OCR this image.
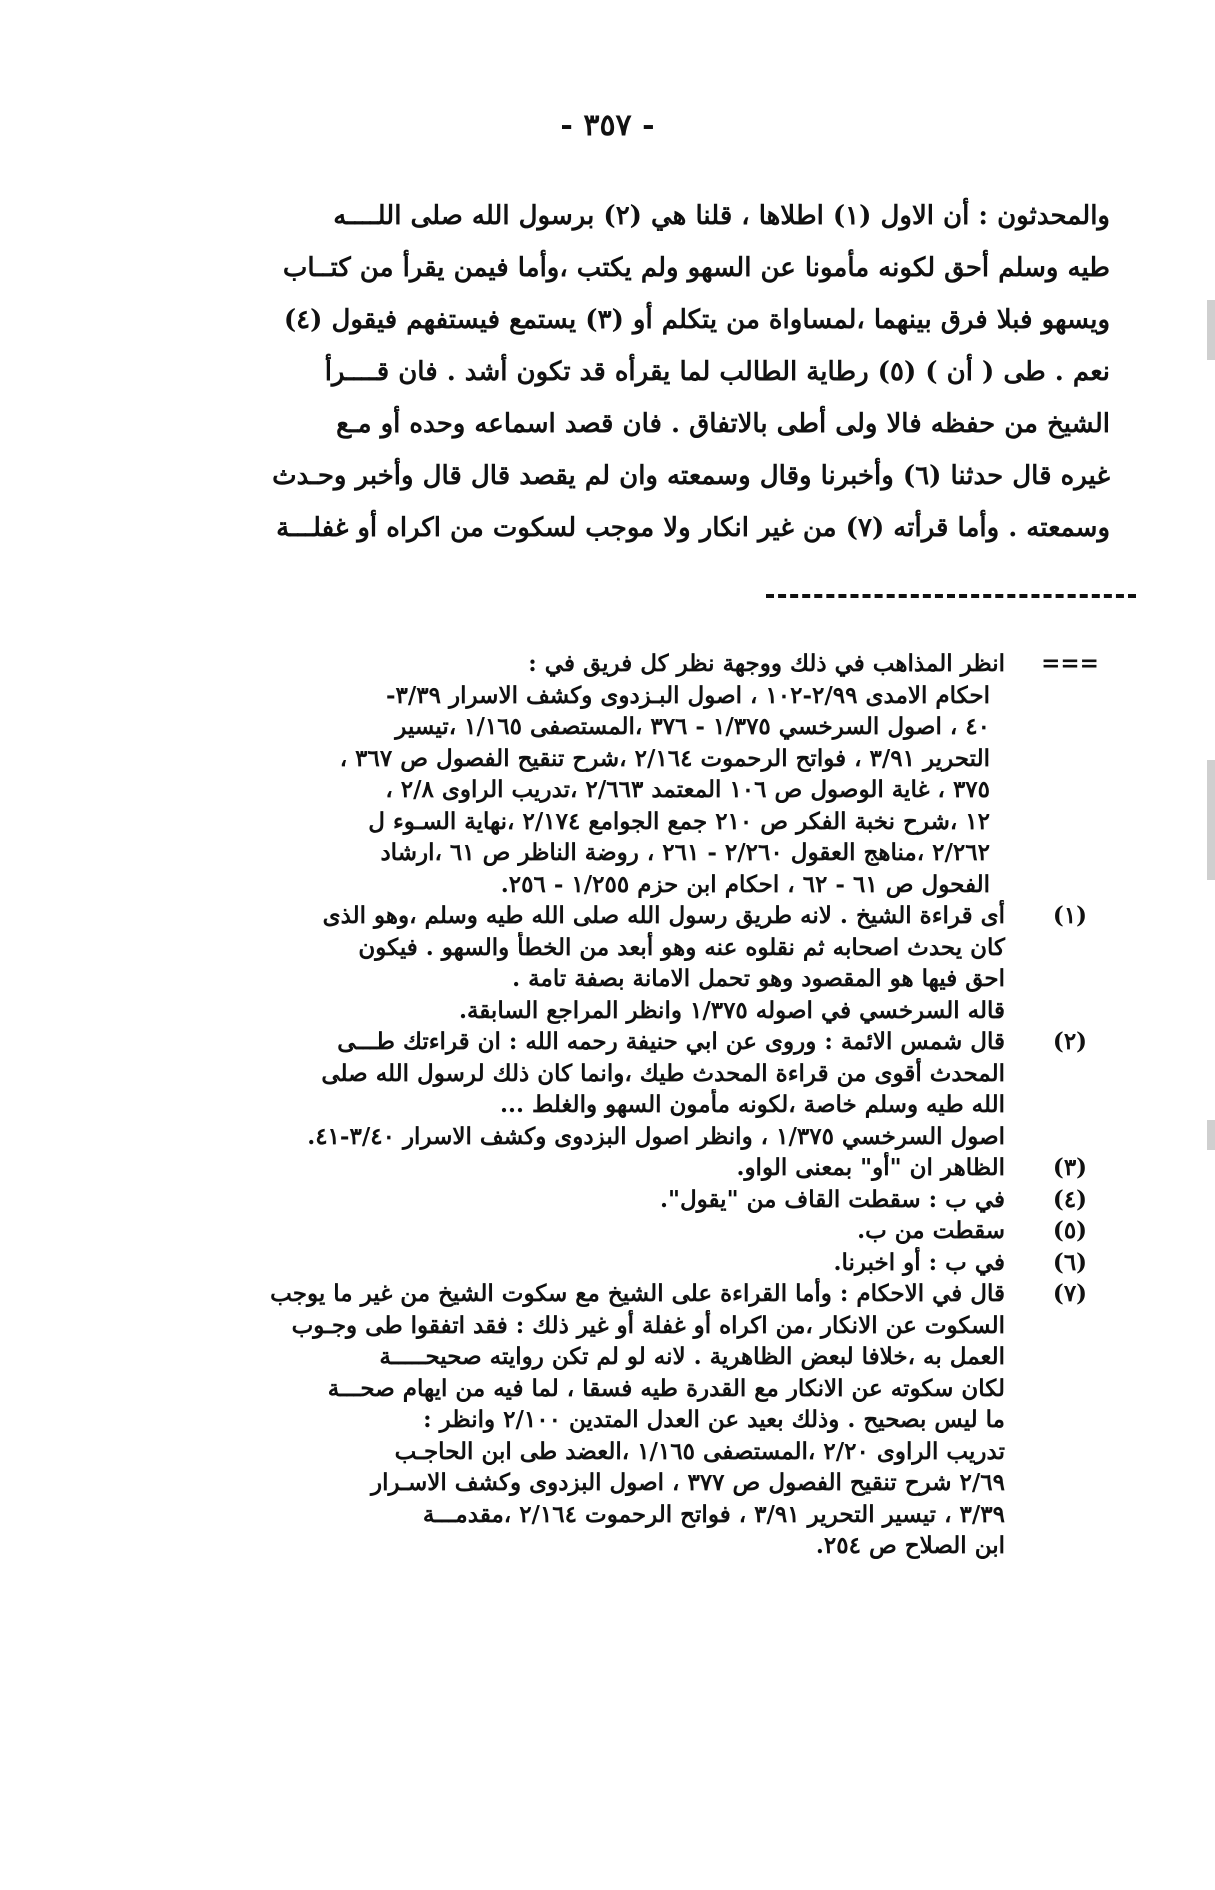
- ٣٥٧ -
والمحدثون : أن الاول (١) اطلاها ، قلنا هي (٢) برسول الله صلى اللــــه
طيه وسلم أحق لكونه مأمونا عن السهو ولم يكتب ،وأما فيمن يقرأ من كتــاب
ويسهو فبلا فرق بينهما ،لمساواة من يتكلم أو (٣) يستمع فيستفهم فيقول (٤)
نعم . طى ( أن ) (٥) رطاية الطالب لما يقرأه قد تكون أشد . فان قــــرأ
الشيخ من حفظه فالا ولى أطى بالاتفاق . فان قصد اسماعه وحده أو مـع
غيره قال حدثنا (٦) وأخبرنا وقال وسمعته وان لم يقصد قال قال وأخبر وحـدث
وسمعته . وأما قرأته (٧) من غير انكار ولا موجب لسكوت من اكراه أو غفلـــة
===
انظر المذاهب في ذلك ووجهة نظر كل فريق في :
احكام الامدى ٢/٩٩-١٠٢ ، اصول البـزدوى وكشف الاسرار ٣/٣٩-
٤٠ ، اصول السرخسي ١/٣٧٥ - ٣٧٦ ،المستصفى ١/١٦٥ ،تيسير
التحرير ٣/٩١ ، فواتح الرحموت ٢/١٦٤ ،شرح تنقيح الفصول ص ٣٦٧ ،
٣٧٥ ، غاية الوصول ص ١٠٦ المعتمد ٢/٦٦٣ ،تدريب الراوى ٢/٨ ،
١٢ ،شرح نخبة الفكر ص ٢١٠ جمع الجوامع ٢/١٧٤ ،نهاية السـوء ل
٢/٢٦٢ ،مناهج العقول ٢/٢٦٠ - ٢٦١ ، روضة الناظر ص ٦١ ،ارشاد
الفحول ص ٦١ - ٦٢ ، احكام ابن حزم ١/٢٥٥ - ٢٥٦.
(١)
أى قراءة الشيخ . لانه طريق رسول الله صلى الله طيه وسلم ،وهو الذى
كان يحدث اصحابه ثم نقلوه عنه وهو أبعد من الخطأ والسهو . فيكون
احق فيها هو المقصود وهو تحمل الامانة بصفة تامة .
قاله السرخسي في اصوله ١/٣٧٥ وانظر المراجع السابقة.
(٢)
قال شمس الائمة : وروى عن ابي حنيفة رحمه الله : ان قراءتك طـــى
المحدث أقوى من قراءة المحدث طيك ،وانما كان ذلك لرسول الله صلى
الله طيه وسلم خاصة ،لكونه مأمون السهو والغلط ...
اصول السرخسي ١/٣٧٥ ، وانظر اصول البزدوى وكشف الاسرار ٣/٤٠-٤١.
(٣)
الظاهر ان "أو" بمعنى الواو.
(٤)
في ب : سقطت القاف من "يقول".
(٥)
سقطت من ب.
(٦)
في ب : أو اخبرنا.
(٧)
قال في الاحكام : وأما القراءة على الشيخ مع سكوت الشيخ من غير ما يوجب
السكوت عن الانكار ،من اكراه أو غفلة أو غير ذلك : فقد اتفقوا طى وجـوب
العمل به ،خلافا لبعض الظاهرية . لانه لو لم تكن روايته صحيحـــــة
لكان سكوته عن الانكار مع القدرة طيه فسقا ، لما فيه من ايهام صحـــة
ما ليس بصحيح . وذلك بعيد عن العدل المتدين ٢/١٠٠ وانظر :
تدريب الراوى ٢/٢٠ ،المستصفى ١/١٦٥ ،العضد طى ابن الحاجـب
٢/٦٩ شرح تنقيح الفصول ص ٣٧٧ ، اصول البزدوى وكشف الاسـرار
٣/٣٩ ، تيسير التحرير ٣/٩١ ، فواتح الرحموت ٢/١٦٤ ،مقدمـــة
ابن الصلاح ص ٢٥٤.
